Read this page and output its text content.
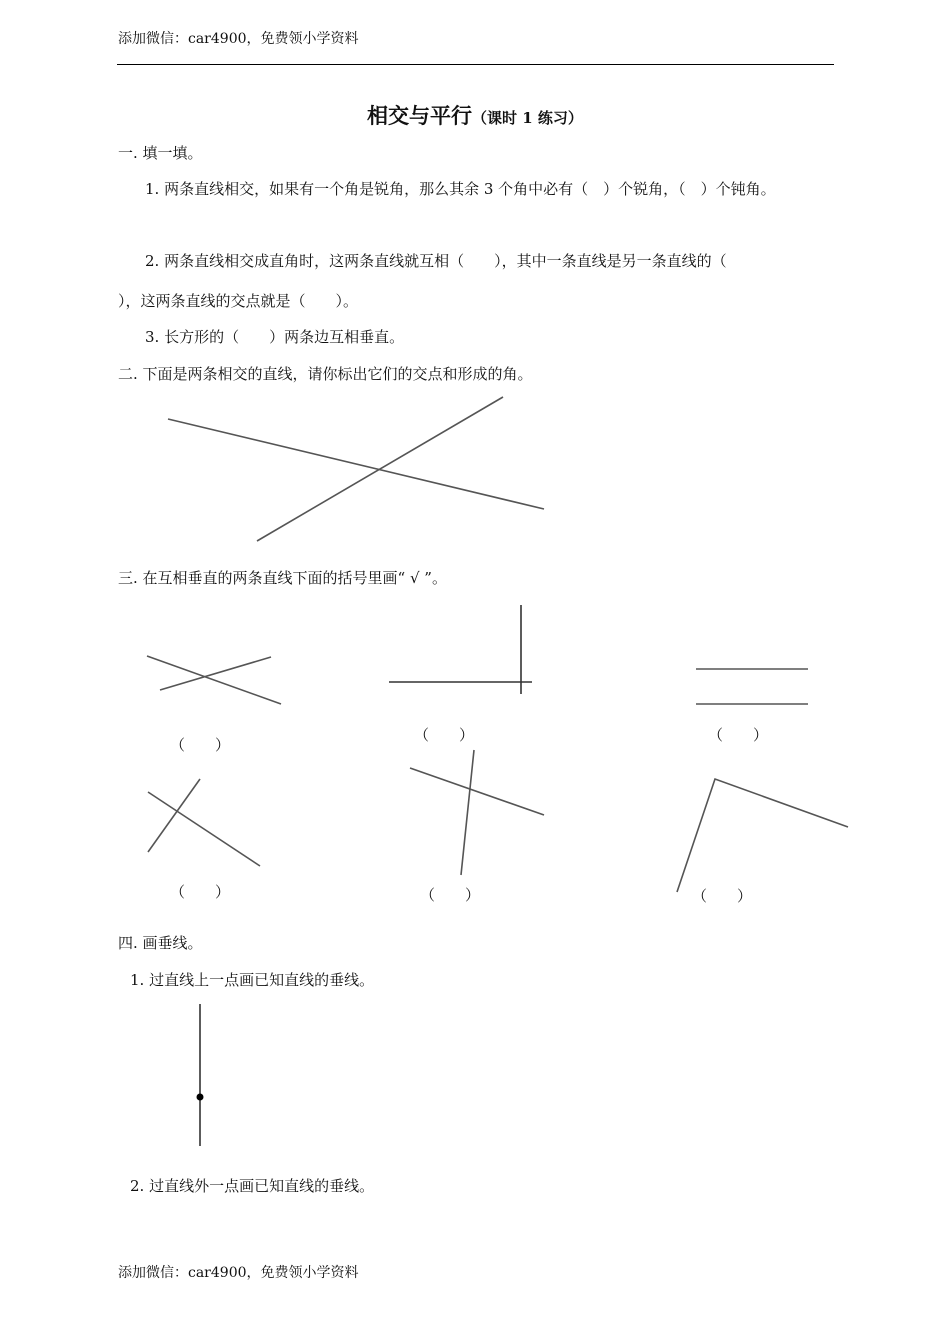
添加微信：car4900，免费领小学资料
相交与平行（课时 1 练习）
一. 填一填。
1. 两条直线相交，如果有一个角是锐角，那么其余 3 个角中必有（　）个锐角，（　）个钝角。
2. 两条直线相交成直角时，这两条直线就互相（　　），其中一条直线是另一条直线的（
），这两条直线的交点就是（　　）。
3. 长方形的（　　）两条边互相垂直。
二. 下面是两条相交的直线，请你标出它们的交点和形成的角。
三. 在互相垂直的两条直线下面的括号里画“ √ ”。
（　　）
（　　）	（　　）
（　　）	（　　）	（　　）
四. 画垂线。
1. 过直线上一点画已知直线的垂线。
2. 过直线外一点画已知直线的垂线。
添加微信：car4900，免费领小学资料
